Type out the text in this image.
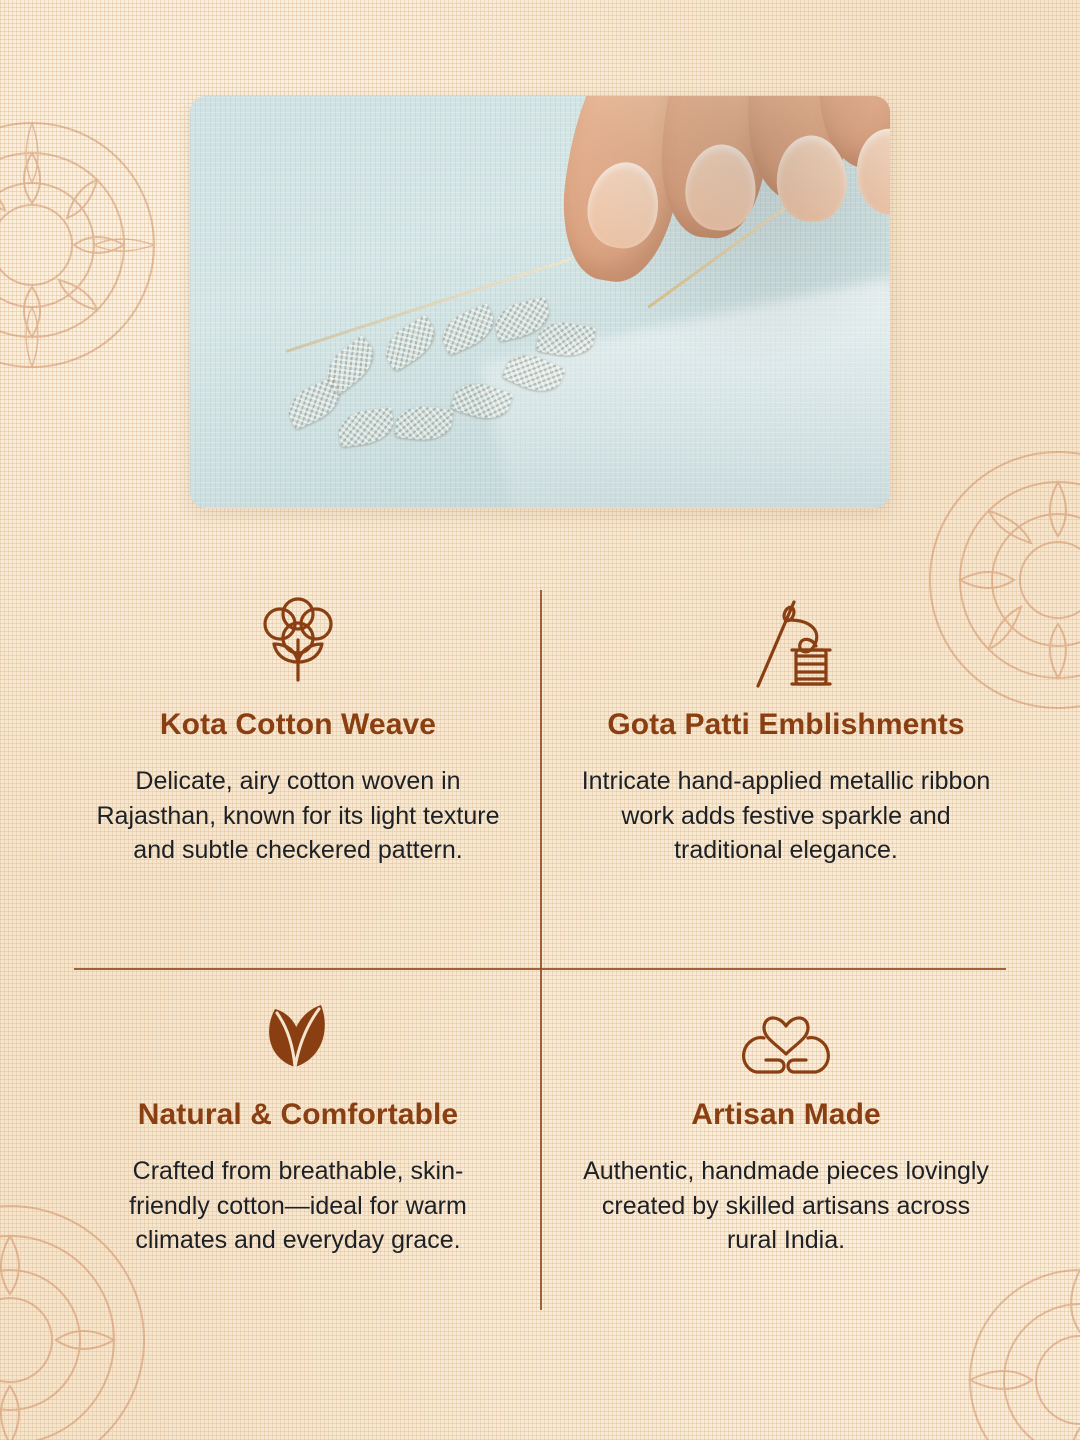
Kota Cotton Weave

Delicate, airy cotton woven in Rajasthan, known for its light texture and subtle checkered pattern.

Gota Patti Emblishments

Intricate hand-applied metallic ribbon work adds festive sparkle and traditional elegance.

Natural & Comfortable

Crafted from breathable, skin-friendly cotton—ideal for warm climates and everyday grace.

Artisan Made

Authentic, handmade pieces lovingly created by skilled artisans across rural India.
